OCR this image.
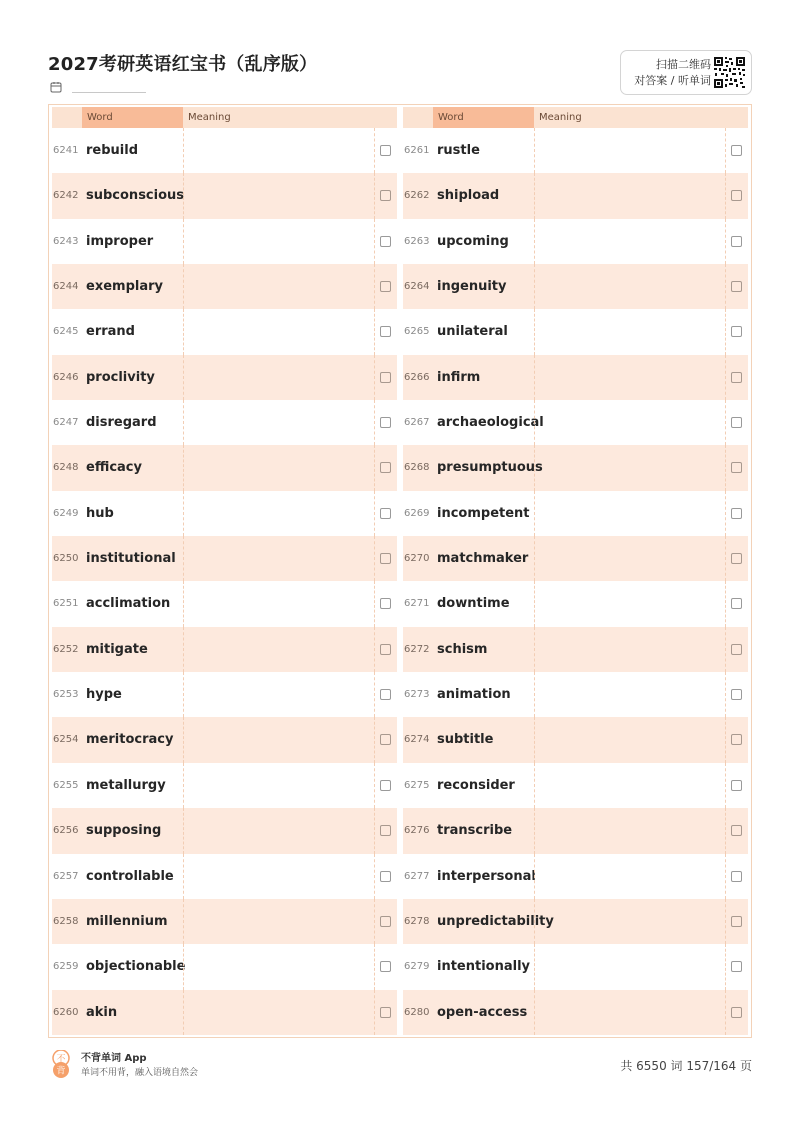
2027考研英语红宝书（乱序版）	扫描二维码
对答案 / 听单词
Word	Meaning
6241 rebuild
6242 subconscious
6243 improper
6244 exemplary
6245 errand
6246 proclivity
6247 disregard
6248 efficacy
6249 hub
6250 institutional
6251 acclimation
6252 mitigate
6253 hype
6254 meritocracy
6255 metallurgy
6256 supposing
6257 controllable
6258 millennium
6259 objectionable
6260 akin
Word	Meaning
6261 rustle
6262 shipload
6263 upcoming
6264 ingenuity
6265 unilateral
6266 infirm
6267 archaeological
6268 presumptuous
6269 incompetent
6270 matchmaker
6271 downtime
6272 schism
6273 animation
6274 subtitle
6275 reconsider
6276 transcribe
6277 interpersonal
6278 unpredictability
6279 intentionally
6280 open-access
不
背
不背单词 App
单词不用背，融入语境自然会	共 6550 词 157/164 页
